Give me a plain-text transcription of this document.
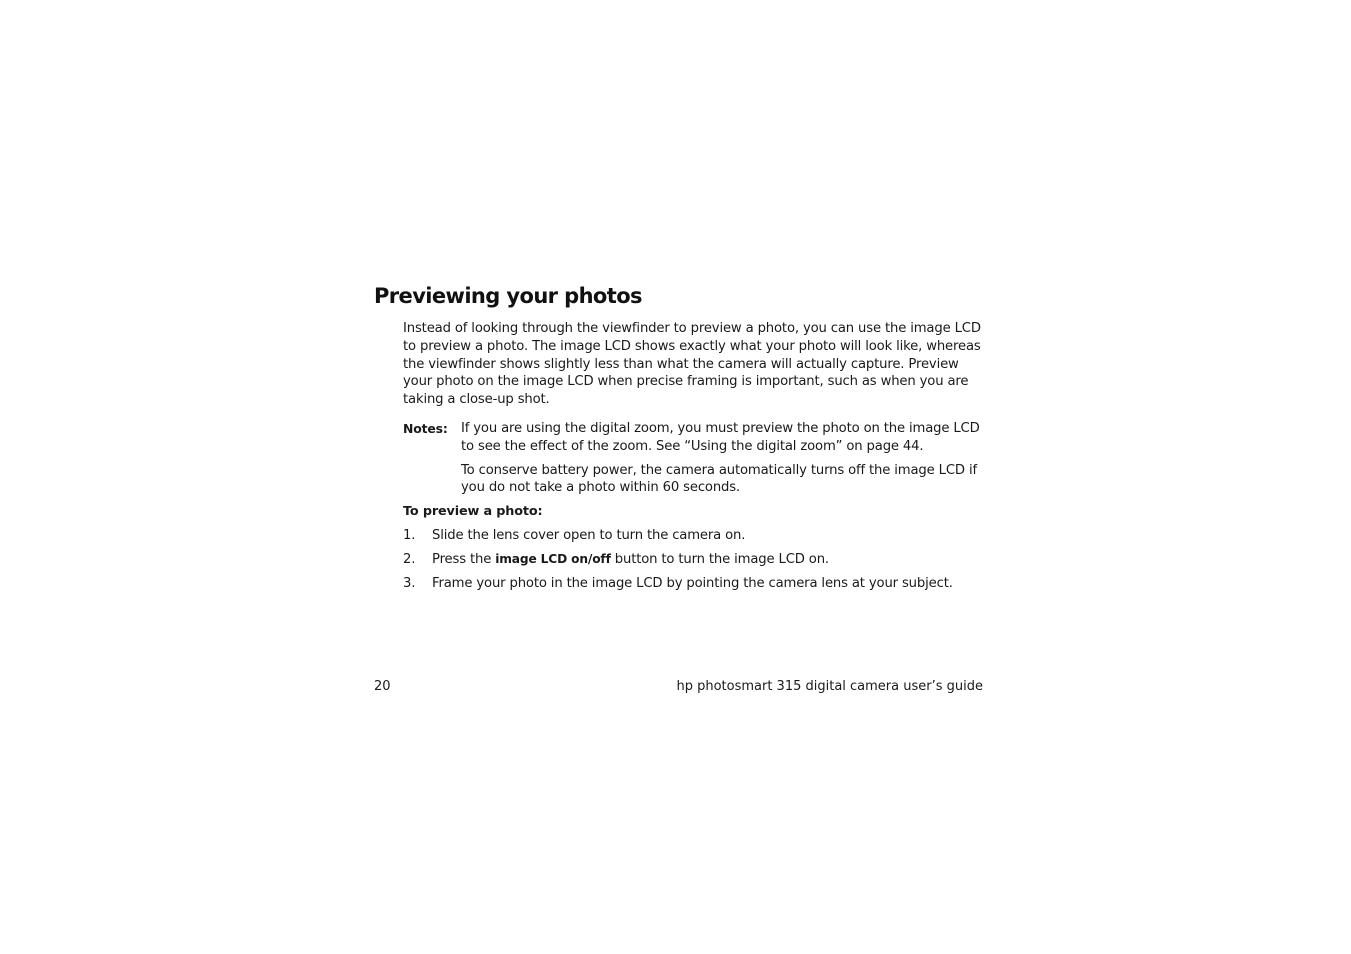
Previewing your photos

Instead of looking through the viewfinder to preview a photo, you can use the image LCD to preview a photo. The image LCD shows exactly what your photo will look like, whereas the viewfinder shows slightly less than what the camera will actually capture. Preview your photo on the image LCD when precise framing is important, such as when you are taking a close-up shot.

Notes:	If you are using the digital zoom, you must preview the photo on the image LCD to see the effect of the zoom. See “Using the digital zoom” on page 44.

To conserve battery power, the camera automatically turns off the image LCD if you do not take a photo within 60 seconds.

To preview a photo:

1.	Slide the lens cover open to turn the camera on.
2.	Press the image LCD on/off button to turn the image LCD on.
3.	Frame your photo in the image LCD by pointing the camera lens at your subject.
20	hp photosmart 315 digital camera user’s guide
